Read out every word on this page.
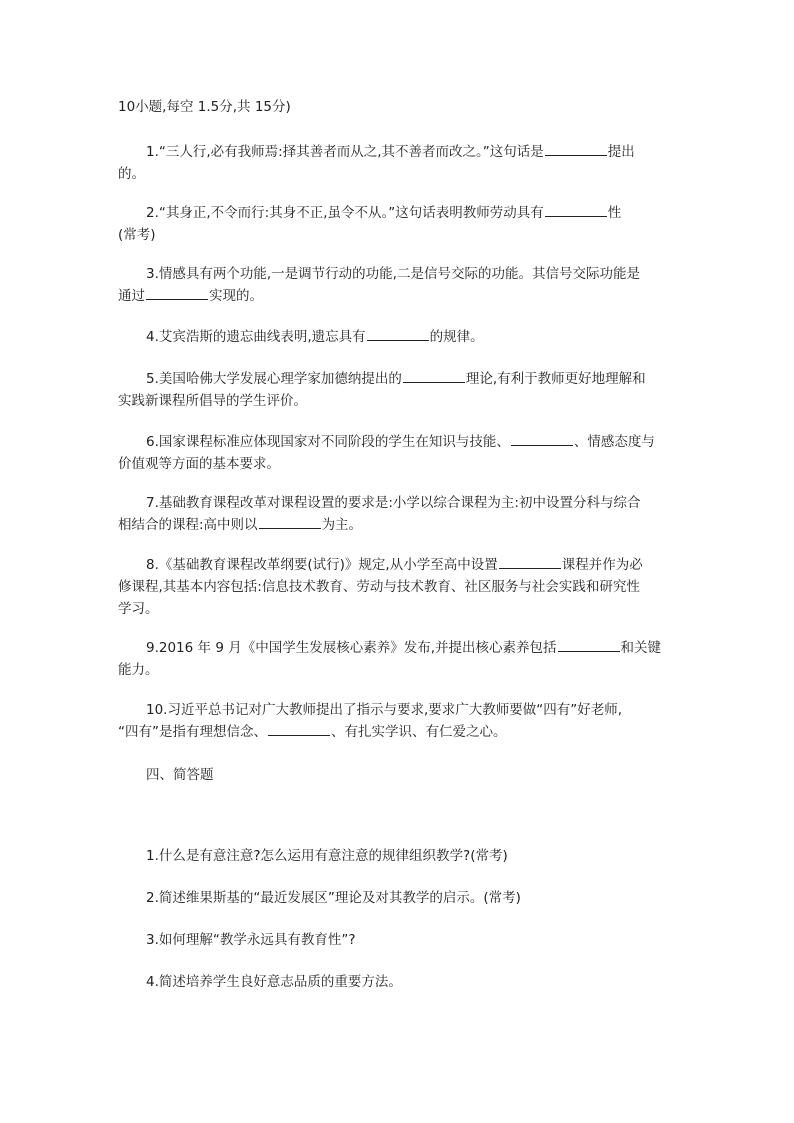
10小题,每空 1.5分,共 15分)
1.“三人行,必有我师焉:择其善者而从之,其不善者而改之。”这句话是	提出
的。
2.“其身正,不令而行:其身不正,虽令不从。”这句话表明教师劳动具有	性
(常考)
3.情感具有两个功能,一是调节行动的功能,二是信号交际的功能。其信号交际功能是
通过	实现的。
4.艾宾浩斯的遗忘曲线表明,遗忘具有	的规律。
5.美国哈佛大学发展心理学家加德纳提出的	理论,有利于教师更好地理解和
实践新课程所倡导的学生评价。
6.国家课程标准应体现国家对不同阶段的学生在知识与技能、	、情感态度与
价值观等方面的基本要求。
7.基础教育课程改革对课程设置的要求是:小学以综合课程为主:初中设置分科与综合
相结合的课程:高中则以	为主。
8.《基础教育课程改革纲要(试行)》规定,从小学至高中设置	课程并作为必
修课程,其基本内容包括:信息技术教育、劳动与技术教育、社区服务与社会实践和研究性
学习。
9.2016 年 9 月《中国学生发展核心素养》发布,并提出核心素养包括	和关键
能力。
10.习近平总书记对广大教师提出了指示与要求,要求广大教师要做“四有”好老师,
“四有”是指有理想信念、	、有扎实学识、有仁爱之心。
四、简答题
1.什么是有意注意?怎么运用有意注意的规律组织教学?(常考)
2.简述维果斯基的“最近发展区”理论及对其教学的启示。(常考)
3.如何理解“教学永远具有教育性”?
4.简述培养学生良好意志品质的重要方法。
